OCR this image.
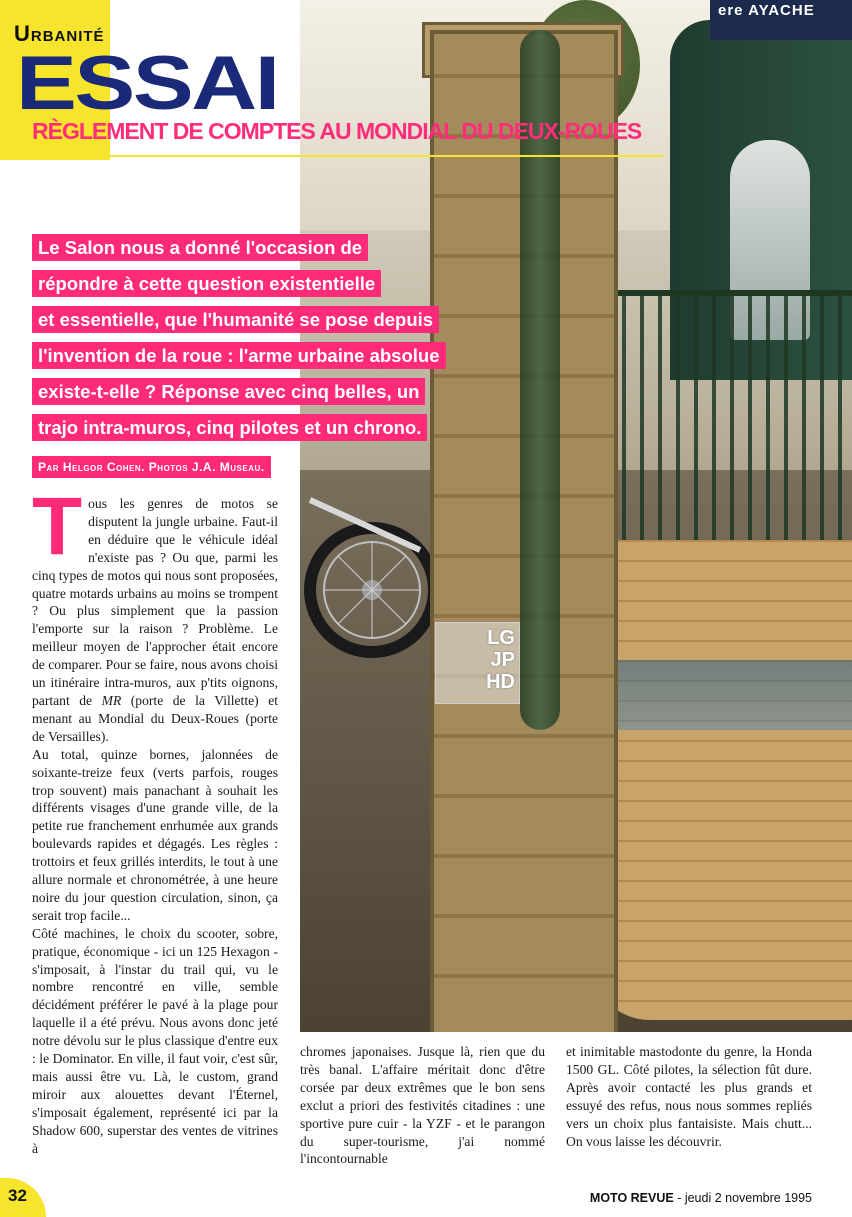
ere AYACHE
LG
JP
HD
Urbanité
ESSAI
RÈGLEMENT DE COMPTES AU MONDIAL DU DEUX-ROUES
Le Salon nous a donné l'occasion de
répondre à cette question existentielle
et essentielle, que l'humanité se pose depuis
l'invention de la roue : l'arme urbaine absolue
existe-t-elle ? Réponse avec cinq belles, un
trajo intra-muros, cinq pilotes et un chrono.
Par Helgor Cohen. Photos J.A. Museau.

Tous les genres de motos se disputent la jungle urbaine. Faut-il en déduire que le véhicule idéal n'existe pas ? Ou que, parmi les cinq types de motos qui nous sont proposées, quatre motards urbains au moins se trompent ? Ou plus simplement que la passion l'emporte sur la raison ? Problème. Le meilleur moyen de l'approcher était encore de comparer. Pour se faire, nous avons choisi un itinéraire intra-muros, aux p'tits oignons, partant de MR (porte de la Villette) et menant au Mondial du Deux-Roues (porte de Versailles).

Au total, quinze bornes, jalonnées de soixante-treize feux (verts parfois, rouges trop souvent) mais panachant à souhait les différents visages d'une grande ville, de la petite rue franchement enrhumée aux grands boulevards rapides et dégagés. Les règles : trottoirs et feux grillés interdits, le tout à une allure normale et chronométrée, à une heure noire du jour question circulation, sinon, ça serait trop facile...

Côté machines, le choix du scooter, sobre, pratique, économique - ici un 125 Hexagon - s'imposait, à l'instar du trail qui, vu le nombre rencontré en ville, semble décidément préférer le pavé à la plage pour laquelle il a été prévu. Nous avons donc jeté notre dévolu sur le plus classique d'entre eux : le Dominator. En ville, il faut voir, c'est sûr, mais aussi être vu. Là, le custom, grand miroir aux alouettes devant l'Éternel, s'imposait également, représenté ici par la Shadow 600, superstar des ventes de vitrines à

chromes japonaises. Jusque là, rien que du très banal. L'affaire méritait donc d'être corsée par deux extrêmes que le bon sens exclut a priori des festivités citadines : une sportive pure cuir - la YZF - et le parangon du super-tourisme, j'ai nommé l'incontournable

et inimitable mastodonte du genre, la Honda 1500 GL. Côté pilotes, la sélection fût dure. Après avoir contacté les plus grands et essuyé des refus, nous nous sommes repliés vers un choix plus fantaisiste. Mais chutt... On vous laisse les découvrir.

32	MOTO REVUE - jeudi 2 novembre 1995
